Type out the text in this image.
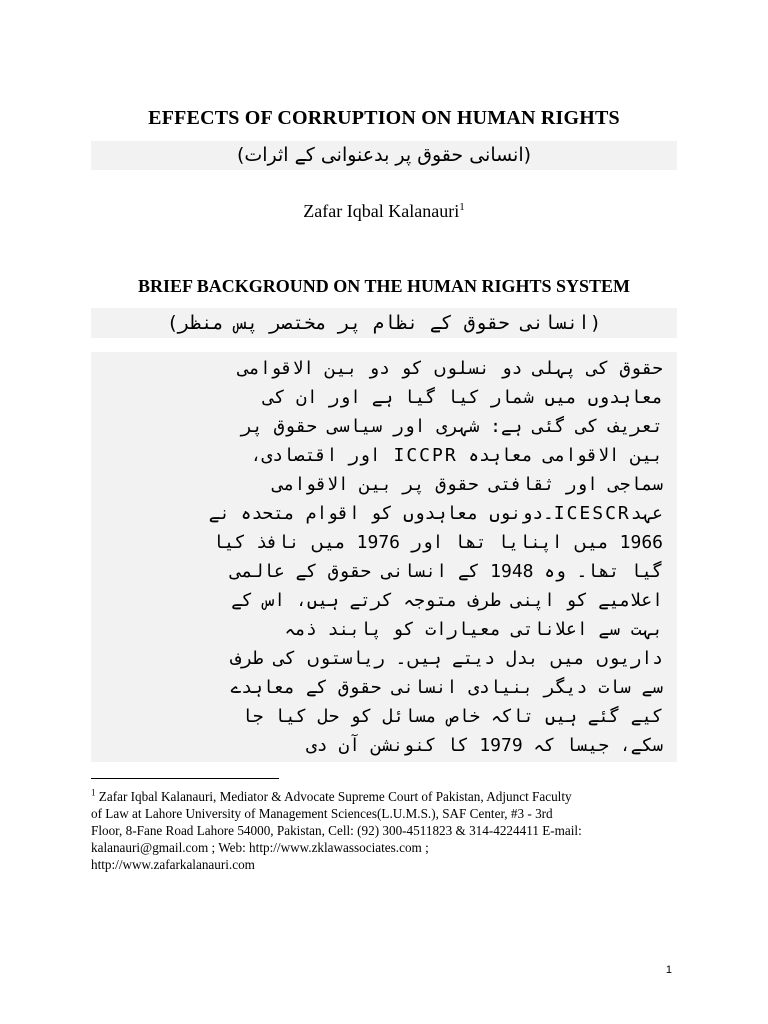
EFFECTS OF CORRUPTION ON HUMAN RIGHTS
(انسانی حقوق پر بدعنوانی کے اثرات)
Zafar Iqbal Kalanauri$^1$
BRIEF BACKGROUND ON THE HUMAN RIGHTS SYSTEM
(انسانی حقوق کے نظام پر مختصر پس منظر)
حقوق کی پہلی دو نسلوں کو دو بین الاقوامی
معاہدوں میں شمار کیا گیا ہے اور ان کی
تعریف کی گئی ہے: شہری اور سیاسی حقوق پر
بین الاقوامی معاہدہ ICCPR اور اقتصادی،
سماجی اور ثقافتی حقوق پر بین الاقوامی
عہدICESCR۔دونوں معاہدوں کو اقوام متحدہ نے
1966 میں اپنایا تھا اور 1976 میں نافذ کیا
گیا تھا۔ وہ 1948 کے انسانی حقوق کے عالمی
اعلامیے کو اپنی طرف متوجہ کرتے ہیں، اس کے
بہت سے اعلاناتی معیارات کو پابند ذمہ
داریوں میں بدل دیتے ہیں۔ ریاستوں کی طرف
سے سات دیگر بنیادی انسانی حقوق کے معاہدے
کیے گئے ہیں تاکہ خاص مسائل کو حل کیا جا
سکے، جیسا کہ 1979 کا کنونشن آن دی
$^1$ Zafar Iqbal Kalanauri, Mediator & Advocate Supreme Court of Pakistan, Adjunct Faculty
of Law at Lahore University of Management Sciences(L.U.M.S.), SAF Center, #3 - 3rd
Floor, 8-Fane Road Lahore 54000, Pakistan, Cell: (92) 300-4511823 & 314-4224411 E-mail:
kalanauri@gmail.com ; Web: http://www.zklawassociates.com ;
http://www.zafarkalanauri.com
1
